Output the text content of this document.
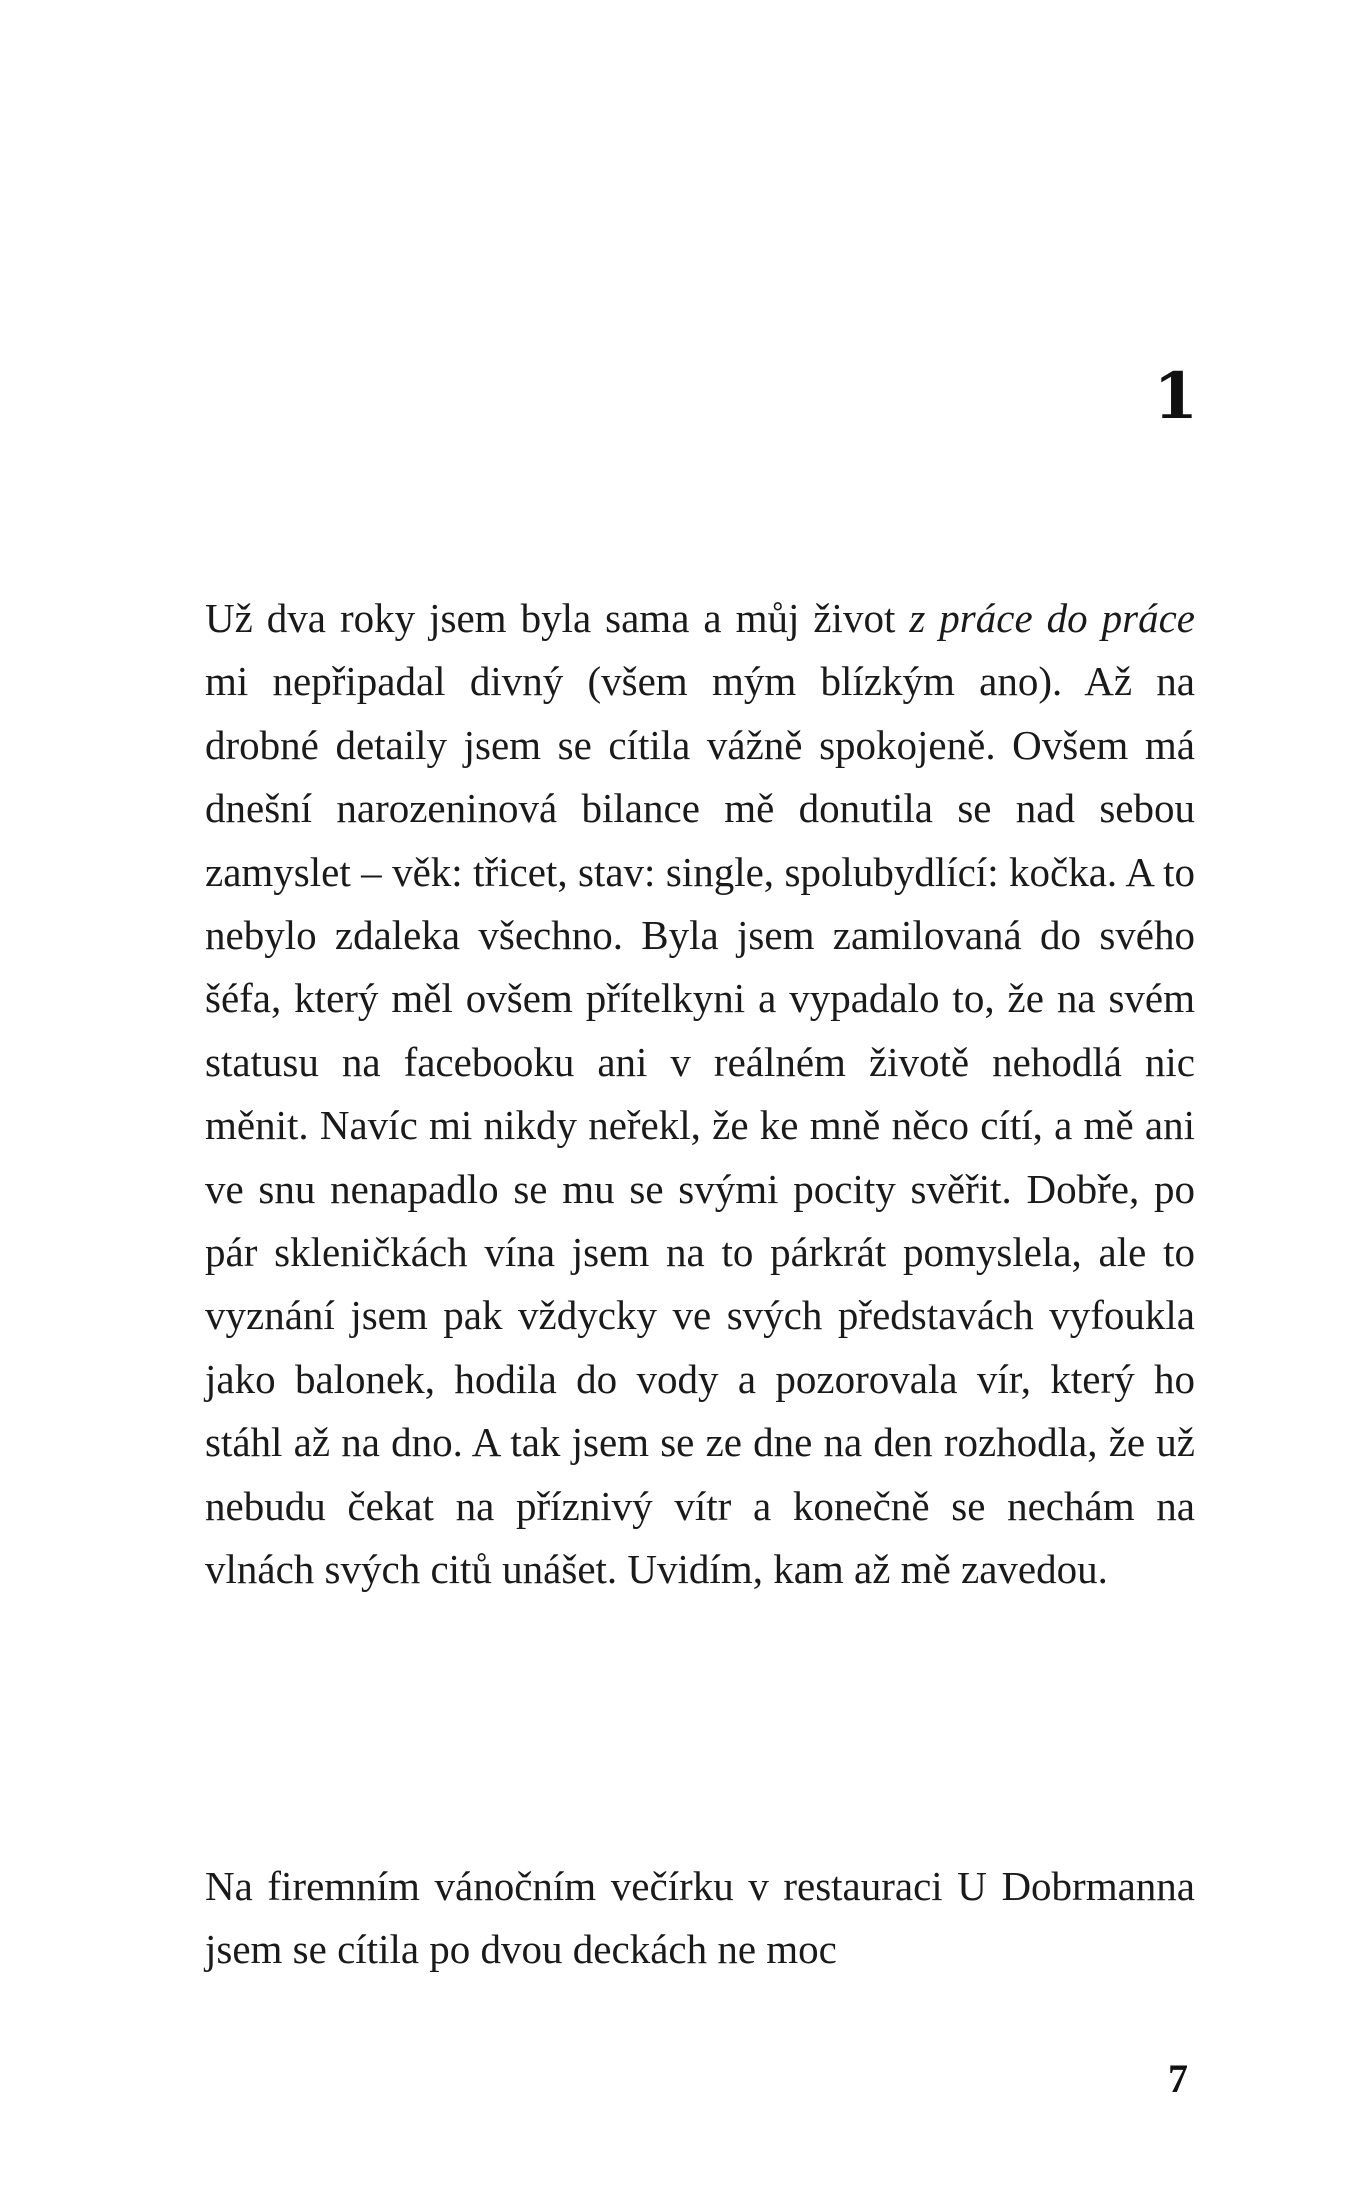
1

Už dva roky jsem byla sama a můj život z práce do práce mi nepřipadal divný (všem mým blízkým ano). Až na drobné detaily jsem se cítila vážně spokojeně. Ovšem má dnešní narozeninová bilance mě donutila se nad sebou zamyslet – věk: třicet, stav: single, spolubydlící: kočka. A to nebylo zdaleka všechno. Byla jsem zamilovaná do svého šéfa, který měl ovšem přítelkyni a vypadalo to, že na svém statusu na facebooku ani v reálném životě nehodlá nic měnit. Navíc mi nikdy neřekl, že ke mně něco cítí, a mě ani ve snu nenapadlo se mu se svými pocity svěřit. Dobře, po pár skleničkách vína jsem na to párkrát pomyslela, ale to vyznání jsem pak vždycky ve svých představách vyfoukla jako balonek, hodila do vody a pozorovala vír, který ho stáhl až na dno. A tak jsem se ze dne na den rozhodla, že už nebudu čekat na příznivý vítr a konečně se nechám na vlnách svých citů unášet. Uvidím, kam až mě zavedou.

Na firemním vánočním večírku v restauraci U Dobrmanna jsem se cítila po dvou deckách ne moc

7
